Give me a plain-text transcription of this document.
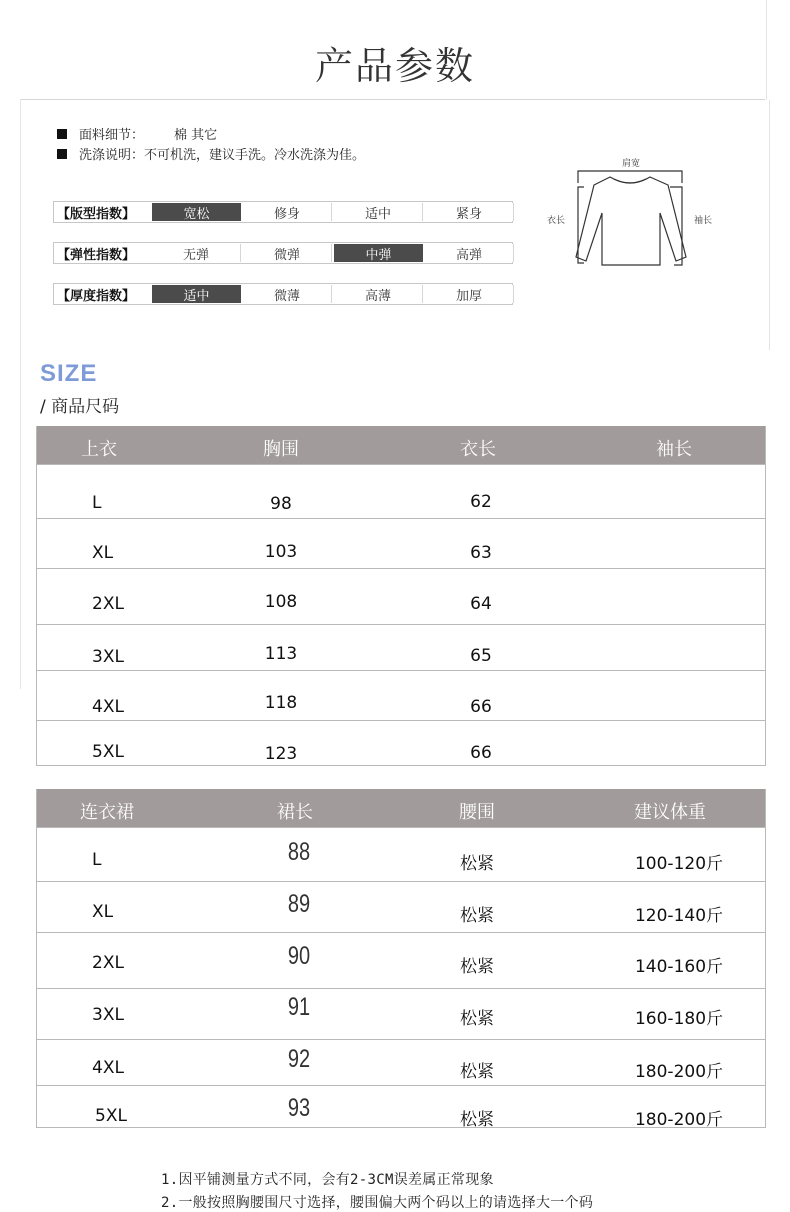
产品参数
面料细节： 棉 其它
洗涤说明： 不可机洗，建议手洗。冷水洗涤为佳。
【版型指数】	宽松	修身	适中	紧身
【弹性指数】	无弹	微弹	中弹	高弹
【厚度指数】	适中	微薄	高薄	加厚
肩宽
衣长	袖长
SIZE
/ 商品尺码
上衣	胸围	衣长	袖长
L	98	62
XL	103	63
2XL	108	64
3XL	113	65
4XL	118	66
5XL	123	66
连衣裙	裙长	腰围	建议体重
L	88	松紧	100-120斤
XL	89	松紧	120-140斤
2XL	90	松紧	140-160斤
3XL	91	松紧	160-180斤
4XL	92	松紧	180-200斤
5XL	93	松紧	180-200斤
1.因平铺测量方式不同，会有2-3CM误差属正常现象
2.一般按照胸腰围尺寸选择，腰围偏大两个码以上的请选择大一个码
